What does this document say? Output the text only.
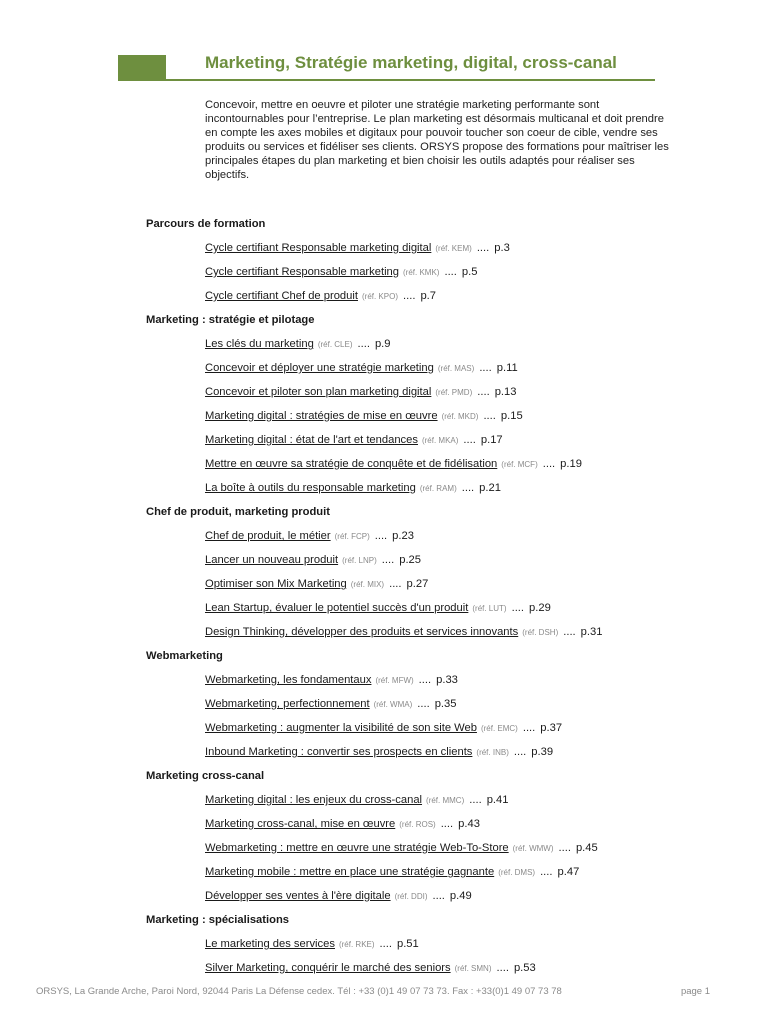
Marketing, Stratégie marketing, digital, cross-canal

Concevoir, mettre en oeuvre et piloter une stratégie marketing performante sont incontournables pour l’entreprise. Le plan marketing est désormais multicanal et doit prendre en compte les axes mobiles et digitaux pour pouvoir toucher son coeur de cible, vendre ses produits ou services et fidéliser ses clients. ORSYS propose des formations pour maîtriser les principales étapes du plan marketing et bien choisir les outils adaptés pour réaliser ses objectifs.

Parcours de formation
Cycle certifiant Responsable marketing digital (réf. KEM) .... p.3
Cycle certifiant Responsable marketing (réf. KMK) .... p.5
Cycle certifiant Chef de produit (réf. KPO) .... p.7
Marketing : stratégie et pilotage
Les clés du marketing (réf. CLE) .... p.9
Concevoir et déployer une stratégie marketing (réf. MAS) .... p.11
Concevoir et piloter son plan marketing digital (réf. PMD) .... p.13
Marketing digital : stratégies de mise en œuvre (réf. MKD) .... p.15
Marketing digital : état de l'art et tendances (réf. MKA) .... p.17
Mettre en œuvre sa stratégie de conquête et de fidélisation (réf. MCF) .... p.19
La boîte à outils du responsable marketing (réf. RAM) .... p.21
Chef de produit, marketing produit
Chef de produit, le métier (réf. FCP) .... p.23
Lancer un nouveau produit (réf. LNP) .... p.25
Optimiser son Mix Marketing (réf. MIX) .... p.27
Lean Startup, évaluer le potentiel succès d'un produit (réf. LUT) .... p.29
Design Thinking, développer des produits et services innovants (réf. DSH) .... p.31
Webmarketing
Webmarketing, les fondamentaux (réf. MFW) .... p.33
Webmarketing, perfectionnement (réf. WMA) .... p.35
Webmarketing : augmenter la visibilité de son site Web (réf. EMC) .... p.37
Inbound Marketing : convertir ses prospects en clients (réf. INB) .... p.39
Marketing cross-canal
Marketing digital : les enjeux du cross-canal (réf. MMC) .... p.41
Marketing cross-canal, mise en œuvre (réf. ROS) .... p.43
Webmarketing : mettre en œuvre une stratégie Web-To-Store (réf. WMW) .... p.45
Marketing mobile : mettre en place une stratégie gagnante (réf. DMS) .... p.47
Développer ses ventes à l'ère digitale (réf. DDI) .... p.49
Marketing : spécialisations
Le marketing des services (réf. RKE) .... p.51
Silver Marketing, conquérir le marché des seniors (réf. SMN) .... p.53
ORSYS, La Grande Arche, Paroi Nord, 92044 Paris La Défense cedex. Tél : +33 (0)1 49 07 73 73. Fax : +33(0)1 49 07 73 78	page 1
